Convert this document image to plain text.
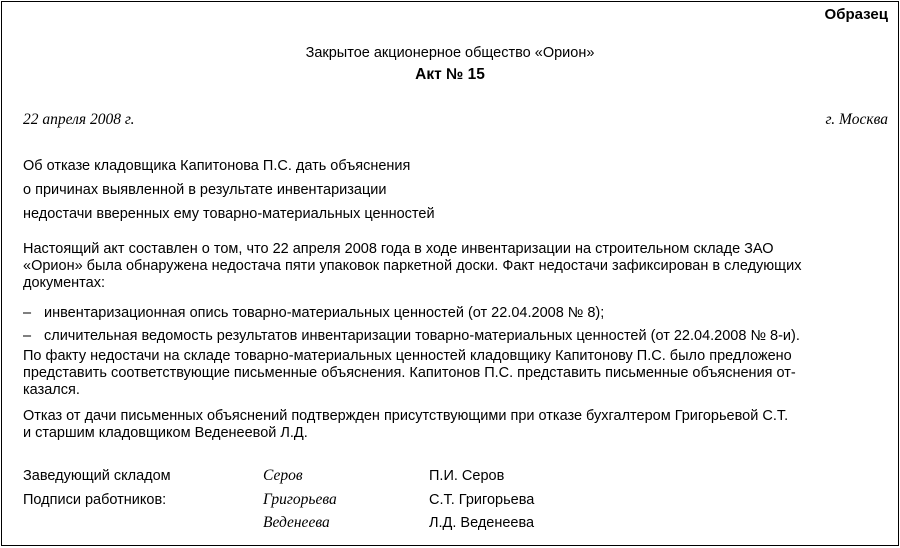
Образец
Закрытое акционерное общество «Орион»
Акт № 15
22 апреля 2008 г.	г. Москва
Об отказе кладовщика Капитонова П.С. дать объяснения
о причинах выявленной в результате инвентаризации
недостачи вверенных ему товарно-материальных ценностей
Настоящий акт составлен о том, что 22 апреля 2008 года в ходе инвентаризации на строительном складе ЗАО
«Орион» была обнаружена недостача пяти упаковок паркетной доски. Факт недостачи зафиксирован в следующих
документах:
– инвентаризационная опись товарно-материальных ценностей (от 22.04.2008 № 8);
– сличительная ведомость результатов инвентаризации товарно-материальных ценностей (от 22.04.2008 № 8-и).
По факту недостачи на складе товарно-материальных ценностей кладовщику Капитонову П.С. было предложено
представить соответствующие письменные объяснения. Капитонов П.С. представить письменные объяснения от-
казался.
Отказ от дачи письменных объяснений подтвержден присутствующими при отказе бухгалтером Григорьевой С.Т.
и старшим кладовщиком Веденеевой Л.Д.
Заведующий складом
Подписи работников:
Серов
Григорьева
Веденеева
П.И. Серов
С.Т. Григорьева
Л.Д. Веденеева
